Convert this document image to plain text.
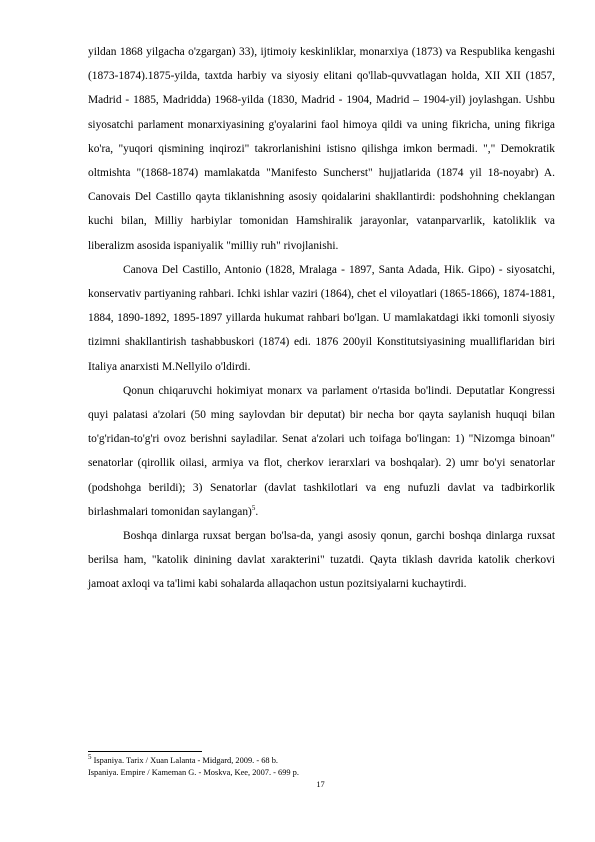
yildan 1868 yilgacha o'zgargan) 33), ijtimoiy keskinliklar, monarxiya (1873) va Respublika kengashi (1873-1874).1875-yilda, taxtda harbiy va siyosiy elitani qo'llab-quvvatlagan holda, XII XII (1857, Madrid - 1885, Madridda) 1968-yilda (1830, Madrid - 1904, Madrid – 1904-yil) joylashgan. Ushbu siyosatchi parlament monarxiyasining g'oyalarini faol himoya qildi va uning fikricha, uning fikriga ko'ra, "yuqori qismining inqirozi" takrorlanishini istisno qilishga imkon bermadi. "," Demokratik oltmishta "(1868-1874) mamlakatda "Manifesto Suncherst" hujjatlarida (1874 yil 18-noyabr) A. Canovais Del Castillo qayta tiklanishning asosiy qoidalarini shakllantirdi: podshohning cheklangan kuchi bilan, Milliy harbiylar tomonidan Hamshiralik jarayonlar, vatanparvarlik, katoliklik va liberalizm asosida ispaniyalik "milliy ruh" rivojlanishi.

Canova Del Castillo, Antonio (1828, Mralaga - 1897, Santa Adada, Hik. Gipo) - siyosatchi, konservativ partiyaning rahbari. Ichki ishlar vaziri (1864), chet el viloyatlari (1865-1866), 1874-1881, 1884, 1890-1892, 1895-1897 yillarda hukumat rahbari bo'lgan. U mamlakatdagi ikki tomonli siyosiy tizimni shakllantirish tashabbuskori (1874) edi. 1876 200yil Konstitutsiyasining mualliflaridan biri Italiya anarxisti M.Nellyilo o'ldirdi.

Qonun chiqaruvchi hokimiyat monarx va parlament o'rtasida bo'lindi. Deputatlar Kongressi quyi palatasi a'zolari (50 ming saylovdan bir deputat) bir necha bor qayta saylanish huquqi bilan to'g'ridan-to'g'ri ovoz berishni sayladilar. Senat a'zolari uch toifaga bo'lingan: 1) "Nizomga binoan" senatorlar (qirollik oilasi, armiya va flot, cherkov ierarxlari va boshqalar). 2) umr bo'yi senatorlar (podshohga berildi); 3) Senatorlar (davlat tashkilotlari va eng nufuzli davlat va tadbirkorlik birlashmalari tomonidan saylangan)$^5$.

Boshqa dinlarga ruxsat bergan bo'lsa-da, yangi asosiy qonun, garchi boshqa dinlarga ruxsat berilsa ham, "katolik dinining davlat xarakterini" tuzatdi. Qayta tiklash davrida katolik cherkovi jamoat axloqi va ta'limi kabi sohalarda allaqachon ustun pozitsiyalarni kuchaytirdi.

$^5$ Ispaniya. Tarix / Xuan Lalanta - Midgard, 2009. - 68 b.

Ispaniya. Empire / Kameman G. - Moskva, Kee, 2007. - 699 p.

17
